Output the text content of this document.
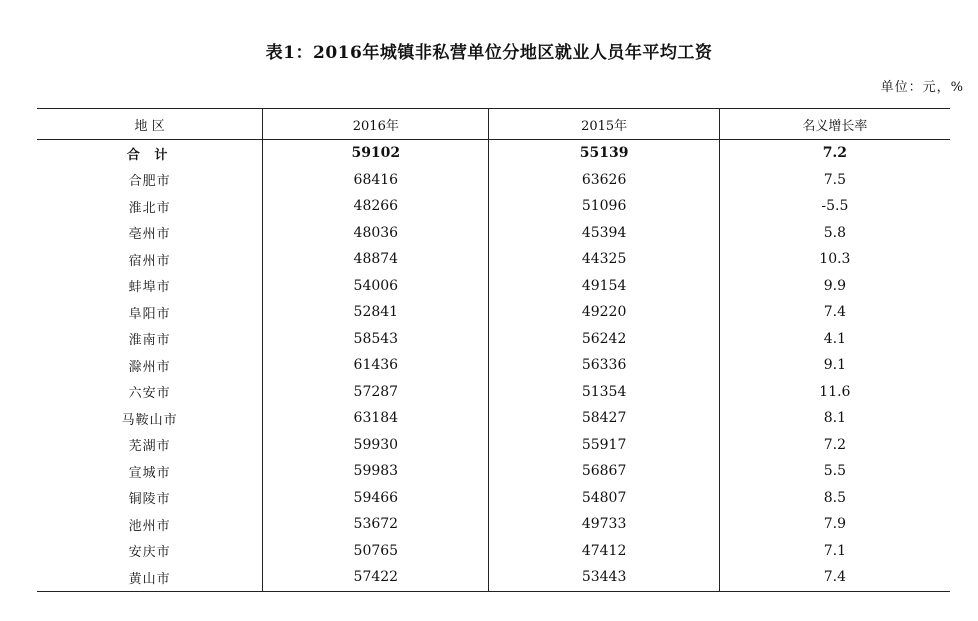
表1：2016年城镇非私营单位分地区就业人员年平均工资
单位：元，%
地 区	2016年	2015年	名义增长率
合 计	59102	55139	7.2
合肥市	68416	63626	7.5
淮北市	48266	51096	-5.5
亳州市	48036	45394	5.8
宿州市	48874	44325	10.3
蚌埠市	54006	49154	9.9
阜阳市	52841	49220	7.4
淮南市	58543	56242	4.1
滁州市	61436	56336	9.1
六安市	57287	51354	11.6
马鞍山市	63184	58427	8.1
芜湖市	59930	55917	7.2
宣城市	59983	56867	5.5
铜陵市	59466	54807	8.5
池州市	53672	49733	7.9
安庆市	50765	47412	7.1
黄山市	57422	53443	7.4
